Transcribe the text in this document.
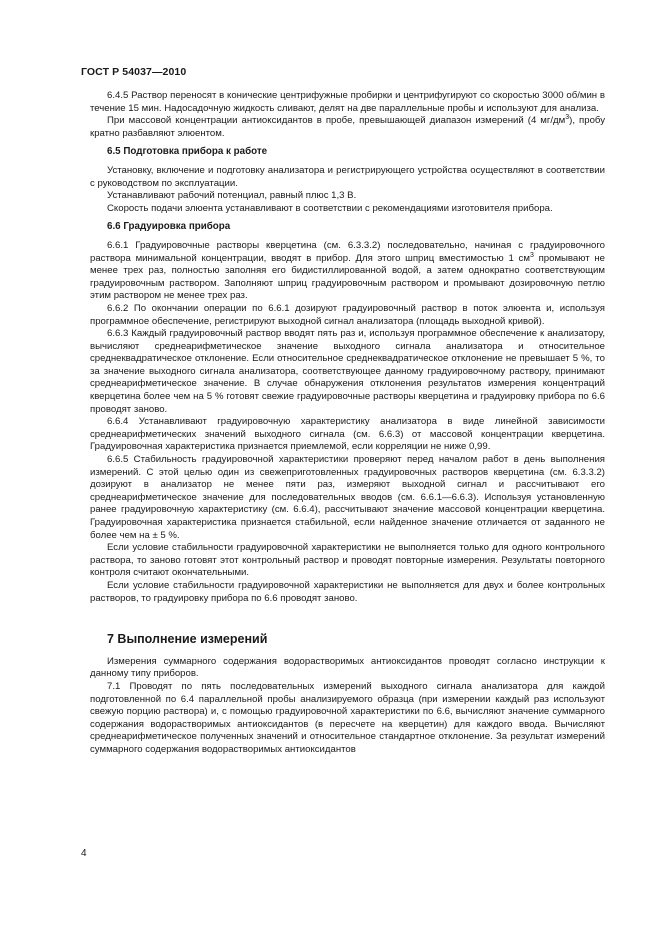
ГОСТ Р 54037—2010

6.4.5 Раствор переносят в конические центрифужные пробирки и центрифугируют со скоростью 3000 об/мин в течение 15 мин. Надосадочную жидкость сливают, делят на две параллельные пробы и используют для анализа.

При массовой концентрации антиоксидантов в пробе, превышающей диапазон измерений (4 $мг/дм^3$), пробу кратно разбавляют элюентом.

6.5 Подготовка прибора к работе

Установку, включение и подготовку анализатора и регистрирующего устройства осуществляют в соответствии с руководством по эксплуатации.

Устанавливают рабочий потенциал, равный плюс 1,3 В.

Скорость подачи элюента устанавливают в соответствии с рекомендациями изготовителя прибора.

6.6 Градуировка прибора

6.6.1 Градуировочные растворы кверцетина (см. 6.3.3.2) последовательно, начиная с градуировочного раствора минимальной концентрации, вводят в прибор. Для этого шприц вместимостью 1 $см^3$ промывают не менее трех раз, полностью заполняя его бидистиллированной водой, а затем однократно соответствующим градуировочным раствором. Заполняют шприц градуировочным раствором и промывают дозировочную петлю этим раствором не менее трех раз.

6.6.2 По окончании операции по 6.6.1 дозируют градуировочный раствор в поток элюента и, используя программное обеспечение, регистрируют выходной сигнал анализатора (площадь выходной кривой).

6.6.3 Каждый градуировочный раствор вводят пять раз и, используя программное обеспечение к анализатору, вычисляют среднеарифметическое значение выходного сигнала анализатора и относительное среднеквадратическое отклонение. Если относительное среднеквадратическое отклонение не превышает 5 %, то за значение выходного сигнала анализатора, соответствующее данному градуировочному раствору, принимают среднеарифметическое значение. В случае обнаружения отклонения результатов измерения концентраций кверцетина более чем на 5 % готовят свежие градуировочные растворы кверцетина и градуировку прибора по 6.6 проводят заново.

6.6.4 Устанавливают градуировочную характеристику анализатора в виде линейной зависимости среднеарифметических значений выходного сигнала (см. 6.6.3) от массовой концентрации кверцетина. Градуировочная характеристика признается приемлемой, если корреляции не ниже 0,99.

6.6.5 Стабильность градуировочной характеристики проверяют перед началом работ в день выполнения измерений. С этой целью один из свежеприготовленных градуировочных растворов кверцетина (см. 6.3.3.2) дозируют в анализатор не менее пяти раз, измеряют выходной сигнал и рассчитывают его среднеарифметическое значение для последовательных вводов (см. 6.6.1—6.6.3). Используя установленную ранее градуировочную характеристику (см. 6.6.4), рассчитывают значение массовой концентрации кверцетина. Градуировочная характеристика признается стабильной, если найденное значение отличается от заданного не более чем на ± 5 %.

Если условие стабильности градуировочной характеристики не выполняется только для одного контрольного раствора, то заново готовят этот контрольный раствор и проводят повторные измерения. Результаты повторного контроля считают окончательными.

Если условие стабильности градуировочной характеристики не выполняется для двух и более контрольных растворов, то градуировку прибора по 6.6 проводят заново.

7 Выполнение измерений

Измерения суммарного содержания водорастворимых антиоксидантов проводят согласно инструкции к данному типу приборов.

7.1 Проводят по пять последовательных измерений выходного сигнала анализатора для каждой подготовленной по 6.4 параллельной пробы анализируемого образца (при измерении каждый раз используют свежую порцию раствора) и, с помощью градуировочной характеристики по 6.6, вычисляют значение суммарного содержания водорастворимых антиоксидантов (в пересчете на кверцетин) для каждого ввода. Вычисляют среднеарифметическое полученных значений и относительное стандартное отклонение. За результат измерений суммарного содержания водорастворимых антиоксидантов

4
